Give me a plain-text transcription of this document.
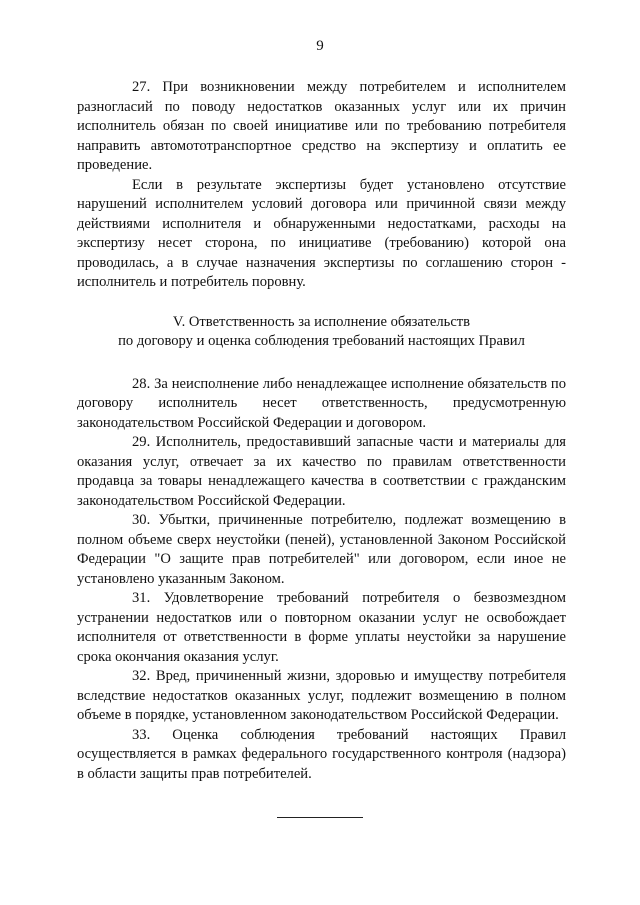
9

27. При возникновении между потребителем и исполнителем разногласий по поводу недостатков оказанных услуг или их причин исполнитель обязан по своей инициативе или по требованию потребителя направить автомототранспортное средство на экспертизу и оплатить ее проведение.

Если в результате экспертизы будет установлено отсутствие нарушений исполнителем условий договора или причинной связи между действиями исполнителя и обнаруженными недостатками, расходы на экспертизу несет сторона, по инициативе (требованию) которой она проводилась, а в случае назначения экспертизы по соглашению сторон - исполнитель и потребитель поровну.

V. Ответственность за исполнение обязательств
по договору и оценка соблюдения требований настоящих Правил

28. За неисполнение либо ненадлежащее исполнение обязательств по договору исполнитель несет ответственность, предусмотренную законодательством Российской Федерации и договором.

29. Исполнитель, предоставивший запасные части и материалы для оказания услуг, отвечает за их качество по правилам ответственности продавца за товары ненадлежащего качества в соответствии с гражданским законодательством Российской Федерации.

30. Убытки, причиненные потребителю, подлежат возмещению в полном объеме сверх неустойки (пеней), установленной Законом Российской Федерации "О защите прав потребителей" или договором, если иное не установлено указанным Законом.

31. Удовлетворение требований потребителя о безвозмездном устранении недостатков или о повторном оказании услуг не освобождает исполнителя от ответственности в форме уплаты неустойки за нарушение срока окончания оказания услуг.

32. Вред, причиненный жизни, здоровью и имуществу потребителя вследствие недостатков оказанных услуг, подлежит возмещению в полном объеме в порядке, установленном законодательством Российской Федерации.

33. Оценка соблюдения требований настоящих Правил осуществляется в рамках федерального государственного контроля (надзора) в области защиты прав потребителей.
